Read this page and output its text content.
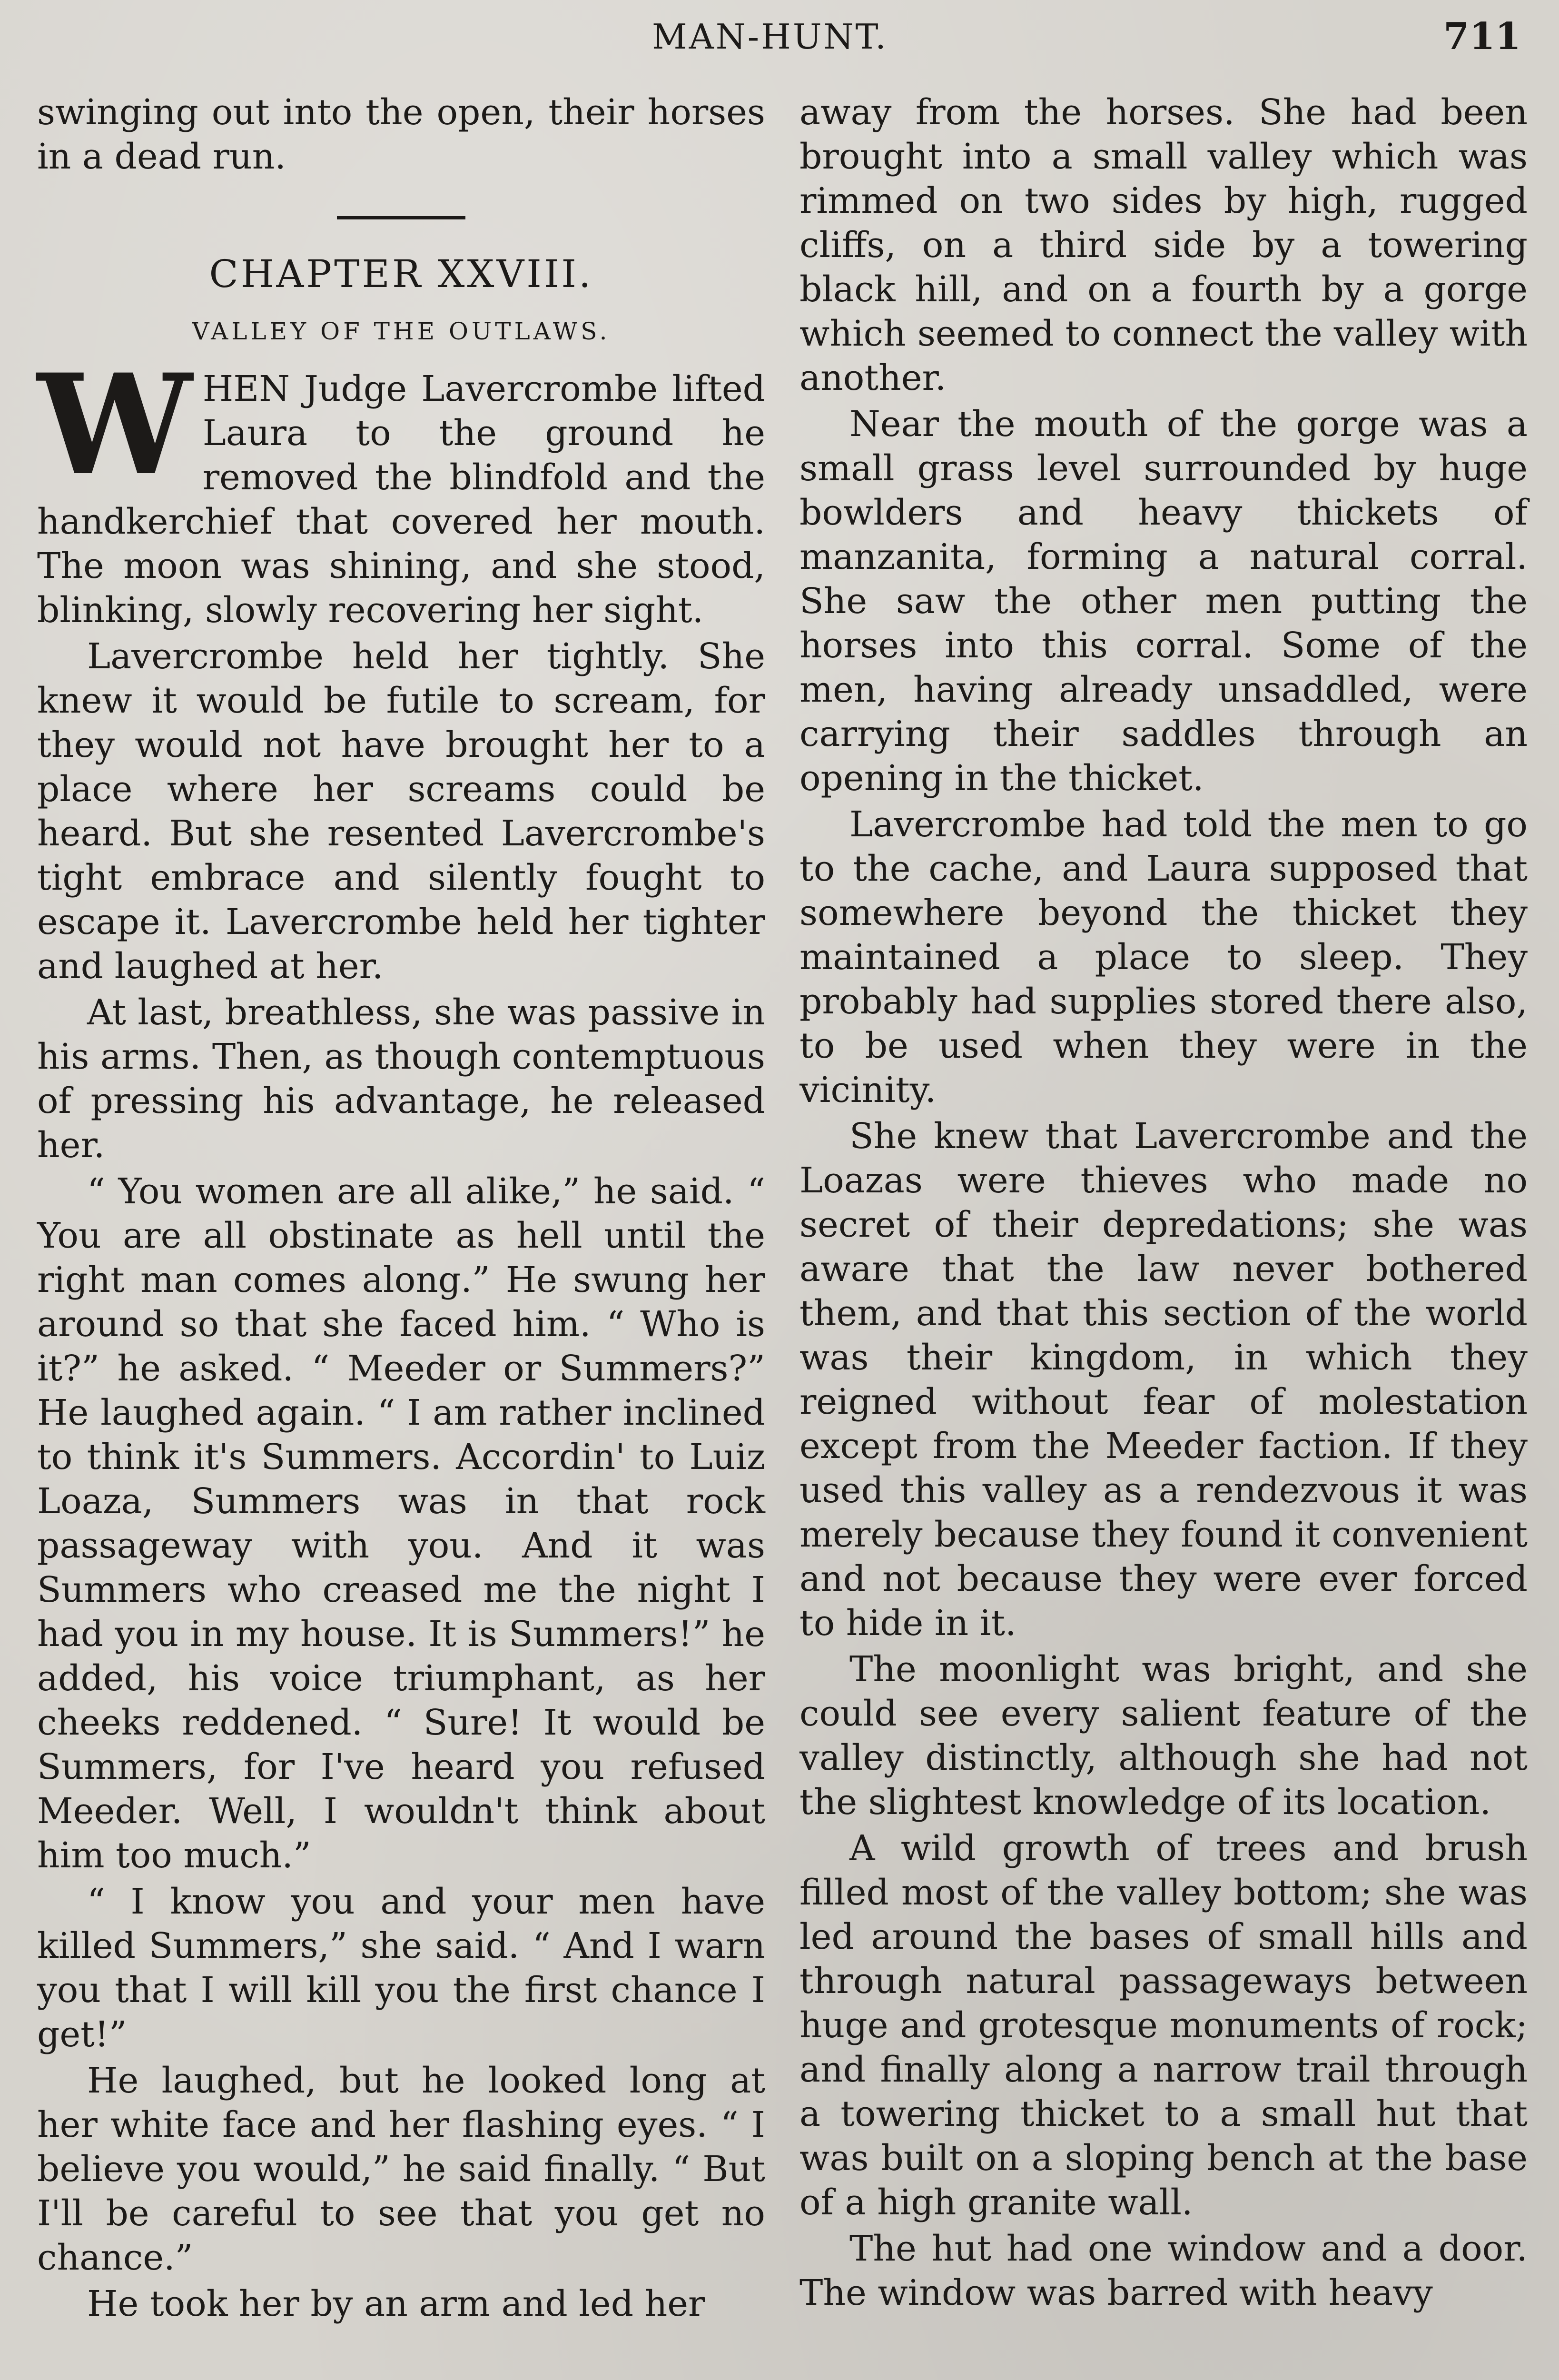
MAN-HUNT.	711

swinging out into the open, their horses in a dead run.

CHAPTER XXVIII.
VALLEY OF THE OUTLAWS.

WHEN Judge Lavercrombe lifted Laura to the ground he removed the blindfold and the handkerchief that covered her mouth. The moon was shining, and she stood, blinking, slowly recovering her sight.

Lavercrombe held her tightly. She knew it would be futile to scream, for they would not have brought her to a place where her screams could be heard. But she resented Lavercrombe's tight embrace and silently fought to escape it. Lavercrombe held her tighter and laughed at her.

At last, breathless, she was passive in his arms. Then, as though contemptuous of pressing his advantage, he released her.

“ You women are all alike,” he said. “ You are all obstinate as hell until the right man comes along.” He swung her around so that she faced him. “ Who is it?” he asked. “ Meeder or Summers?” He laughed again. “ I am rather inclined to think it's Summers. Accordin' to Luiz Loaza, Summers was in that rock passageway with you. And it was Summers who creased me the night I had you in my house. It is Summers!” he added, his voice triumphant, as her cheeks reddened. “ Sure! It would be Summers, for I've heard you refused Meeder. Well, I wouldn't think about him too much.”

“ I know you and your men have killed Summers,” she said. “ And I warn you that I will kill you the first chance I get!”

He laughed, but he looked long at her white face and her flashing eyes. “ I believe you would,” he said finally. “ But I'll be careful to see that you get no chance.”

He took her by an arm and led her

away from the horses. She had been brought into a small valley which was rimmed on two sides by high, rugged cliffs, on a third side by a towering black hill, and on a fourth by a gorge which seemed to connect the valley with another.

Near the mouth of the gorge was a small grass level surrounded by huge bowlders and heavy thickets of manzanita, forming a natural corral. She saw the other men putting the horses into this corral. Some of the men, having already unsaddled, were carrying their saddles through an opening in the thicket.

Lavercrombe had told the men to go to the cache, and Laura supposed that somewhere beyond the thicket they maintained a place to sleep. They probably had supplies stored there also, to be used when they were in the vicinity.

She knew that Lavercrombe and the Loazas were thieves who made no secret of their depredations; she was aware that the law never bothered them, and that this section of the world was their kingdom, in which they reigned without fear of molestation except from the Meeder faction. If they used this valley as a rendezvous it was merely because they found it convenient and not because they were ever forced to hide in it.

The moonlight was bright, and she could see every salient feature of the valley distinctly, although she had not the slightest knowledge of its location.

A wild growth of trees and brush filled most of the valley bottom; she was led around the bases of small hills and through natural passageways between huge and grotesque monuments of rock; and finally along a narrow trail through a towering thicket to a small hut that was built on a sloping bench at the base of a high granite wall.

The hut had one window and a door. The window was barred with heavy
